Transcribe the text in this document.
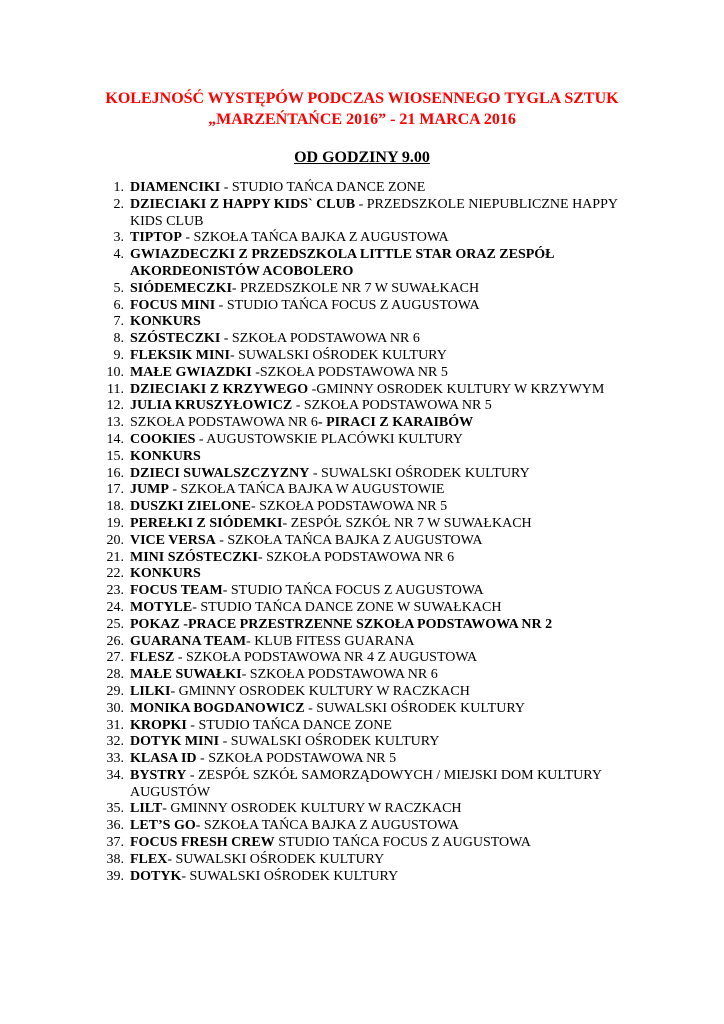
KOLEJNOŚĆ WYSTĘPÓW PODCZAS WIOSENNEGO TYGLA SZTUK
„MARZEŃTAŃCE 2016” - 21 MARCA 2016
OD GODZINY 9.00
1. DIAMENCIKI - STUDIO TAŃCA DANCE ZONE
2. DZIECIAKI Z HAPPY KIDS` CLUB - PRZEDSZKOLE NIEPUBLICZNE HAPPY KIDS CLUB
3. TIPTOP - SZKOŁA TAŃCA BAJKA Z AUGUSTOWA
4. GWIAZDECZKI Z PRZEDSZKOLA LITTLE STAR ORAZ ZESPÓŁ AKORDEONISTÓW ACOBOLERO
5. SIÓDEMECZKI- PRZEDSZKOLE NR 7 W SUWAŁKACH
6. FOCUS MINI - STUDIO TAŃCA FOCUS Z AUGUSTOWA
7. KONKURS
8. SZÓSTECZKI - SZKOŁA PODSTAWOWA NR 6
9. FLEKSIK MINI- SUWALSKI OŚRODEK KULTURY
10. MAŁE GWIAZDKI -SZKOŁA PODSTAWOWA NR 5
11. DZIECIAKI Z KRZYWEGO -GMINNY OSRODEK KULTURY W KRZYWYM
12. JULIA KRUSZYŁOWICZ - SZKOŁA PODSTAWOWA NR 5
13. SZKOŁA PODSTAWOWA NR 6- PIRACI Z KARAIBÓW
14. COOKIES - AUGUSTOWSKIE PLACÓWKI KULTURY
15. KONKURS
16. DZIECI SUWALSZCZYZNY - SUWALSKI OŚRODEK KULTURY
17. JUMP - SZKOŁA TAŃCA BAJKA W AUGUSTOWIE
18. DUSZKI ZIELONE- SZKOŁA PODSTAWOWA NR 5
19. PEREŁKI Z SIÓDEMKI- ZESPÓŁ SZKÓŁ NR 7 W SUWAŁKACH
20. VICE VERSA - SZKOŁA TAŃCA BAJKA Z AUGUSTOWA
21. MINI SZÓSTECZKI- SZKOŁA PODSTAWOWA NR 6
22. KONKURS
23. FOCUS TEAM- STUDIO TAŃCA FOCUS Z AUGUSTOWA
24. MOTYLE- STUDIO TAŃCA DANCE ZONE W SUWAŁKACH
25. POKAZ -PRACE PRZESTRZENNE SZKOŁA PODSTAWOWA NR 2
26. GUARANA TEAM- KLUB FITESS GUARANA
27. FLESZ - SZKOŁA PODSTAWOWA NR 4 Z AUGUSTOWA
28. MAŁE SUWAŁKI- SZKOŁA PODSTAWOWA NR 6
29. LILKI- GMINNY OSRODEK KULTURY W RACZKACH
30. MONIKA BOGDANOWICZ - SUWALSKI OŚRODEK KULTURY
31. KROPKI - STUDIO TAŃCA DANCE ZONE
32. DOTYK MINI - SUWALSKI OŚRODEK KULTURY
33. KLASA ID - SZKOŁA PODSTAWOWA NR 5
34. BYSTRY - ZESPÓŁ SZKÓŁ SAMORZĄDOWYCH / MIEJSKI DOM KULTURY AUGUSTÓW
35. LILT- GMINNY OSRODEK KULTURY W RACZKACH
36. LET’S GO- SZKOŁA TAŃCA BAJKA Z AUGUSTOWA
37. FOCUS FRESH CREW STUDIO TAŃCA FOCUS Z AUGUSTOWA
38. FLEX- SUWALSKI OŚRODEK KULTURY
39. DOTYK- SUWALSKI OŚRODEK KULTURY
